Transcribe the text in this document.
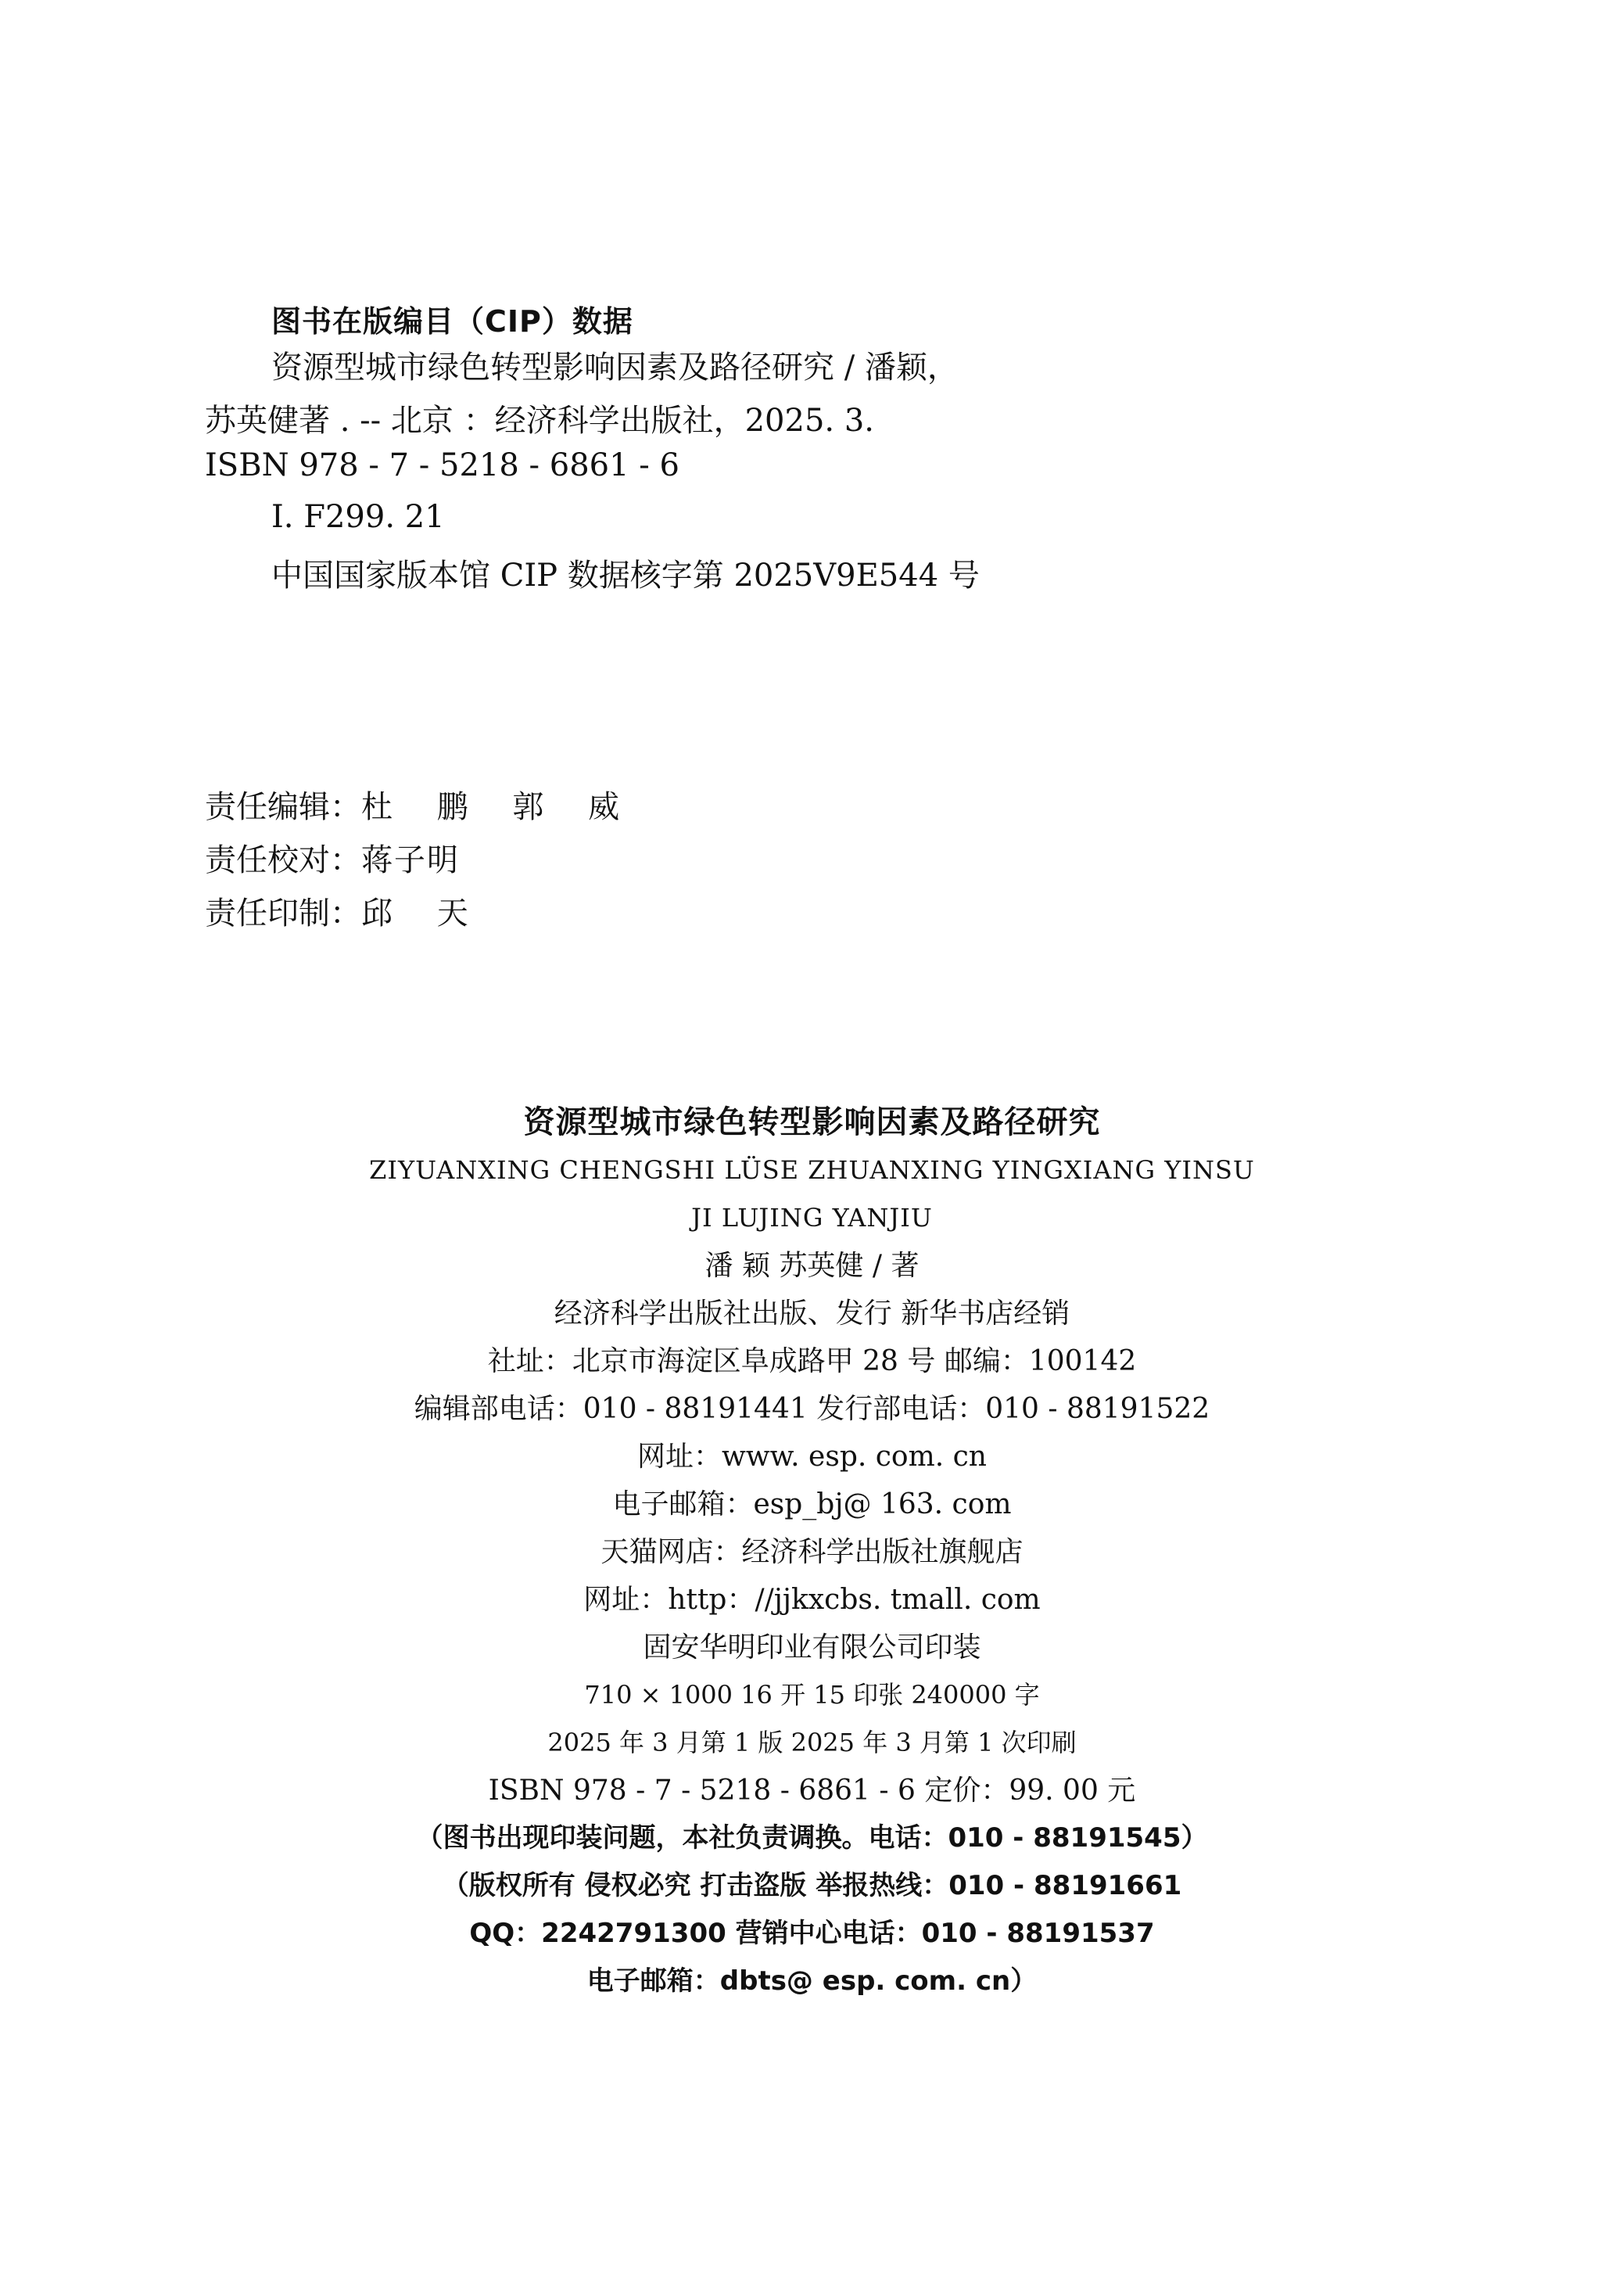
图书在版编目（CIP）数据
资源型城市绿色转型影响因素及路径研究 / 潘颖，
苏英健著 . -- 北京 ：经济科学出版社，2025. 3.
ISBN 978 - 7 - 5218 - 6861 - 6
Ⅰ. F299. 21
中国国家版本馆 CIP 数据核字第 2025V9E544 号
责任编辑：杜 鹏 郭 威
责任校对：蒋子明
责任印制：邱 天
资源型城市绿色转型影响因素及路径研究
ZIYUANXING CHENGSHI LÜSE ZHUANXING YINGXIANG YINSU
JI LUJING YANJIU
潘 颖 苏英健 / 著
经济科学出版社出版、发行 新华书店经销
社址：北京市海淀区阜成路甲 28 号 邮编：100142
编辑部电话：010 - 88191441 发行部电话：010 - 88191522
网址：www. esp. com. cn
电子邮箱：esp_bj@ 163. com
天猫网店：经济科学出版社旗舰店
网址：http：//jjkxcbs. tmall. com
固安华明印业有限公司印装
710 × 1000 16 开 15 印张 240000 字
2025 年 3 月第 1 版 2025 年 3 月第 1 次印刷
ISBN 978 - 7 - 5218 - 6861 - 6 定价：99. 00 元
（图书出现印装问题，本社负责调换。电话：010 - 88191545）
（版权所有 侵权必究 打击盗版 举报热线：010 - 88191661
QQ：2242791300 营销中心电话：010 - 88191537
电子邮箱：dbts@ esp. com. cn）
